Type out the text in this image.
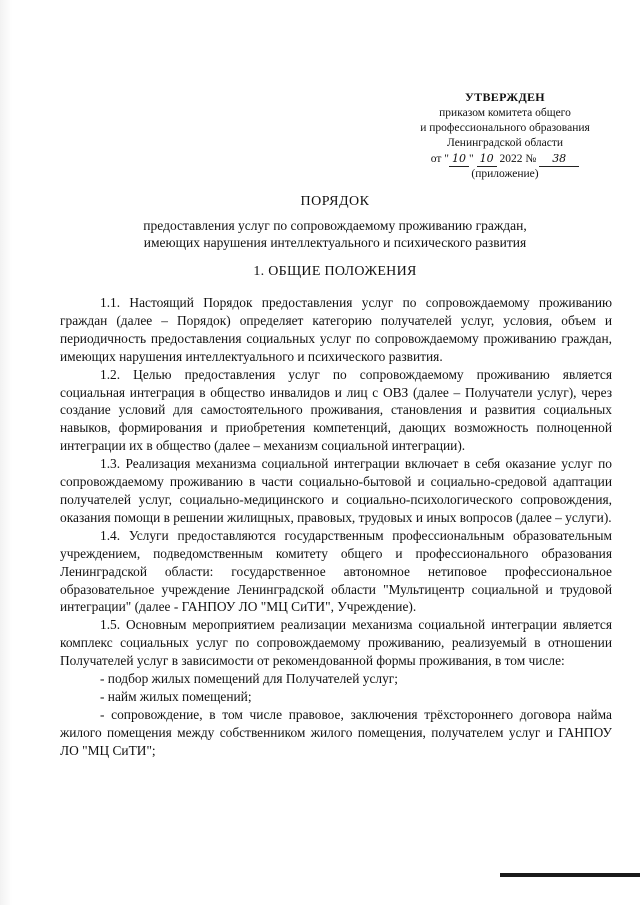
УТВЕРЖДЕН
приказом комитета общего
и профессионального образования
Ленинградской области
от " 10 " 10 2022 № 38
(приложение)
ПОРЯДОК
предоставления услуг по сопровождаемому проживанию граждан,
имеющих нарушения интеллектуального и психического развития
1. ОБЩИЕ ПОЛОЖЕНИЯ

1.1. Настоящий Порядок предоставления услуг по сопровождаемому проживанию граждан (далее – Порядок) определяет категорию получателей услуг, условия, объем и периодичность предоставления социальных услуг по сопровождаемому проживанию граждан, имеющих нарушения интеллектуального и психического развития.

1.2. Целью предоставления услуг по сопровождаемому проживанию является социальная интеграция в общество инвалидов и лиц с ОВЗ (далее – Получатели услуг), через создание условий для самостоятельного проживания, становления и развития социальных навыков, формирования и приобретения компетенций, дающих возможность полноценной интеграции их в общество (далее – механизм социальной интеграции).

1.3. Реализация механизма социальной интеграции включает в себя оказание услуг по сопровождаемому проживанию в части социально-бытовой и социально-средовой адаптации получателей услуг, социально-медицинского и социально-психологического сопровождения, оказания помощи в решении жилищных, правовых, трудовых и иных вопросов (далее – услуги).

1.4. Услуги предоставляются государственным профессиональным образовательным учреждением, подведомственным комитету общего и профессионального образования Ленинградской области: государственное автономное нетиповое профессиональное образовательное учреждение Ленинградской области "Мультицентр социальной и трудовой интеграции" (далее - ГАНПОУ ЛО "МЦ СиТИ", Учреждение).

1.5. Основным мероприятием реализации механизма социальной интеграции является комплекс социальных услуг по сопровождаемому проживанию, реализуемый в отношении Получателей услуг в зависимости от рекомендованной формы проживания, в том числе:

- подбор жилых помещений для Получателей услуг;

- найм жилых помещений;

- сопровождение, в том числе правовое, заключения трёхстороннего договора найма жилого помещения между собственником жилого помещения, получателем услуг и ГАНПОУ ЛО "МЦ СиТИ";
